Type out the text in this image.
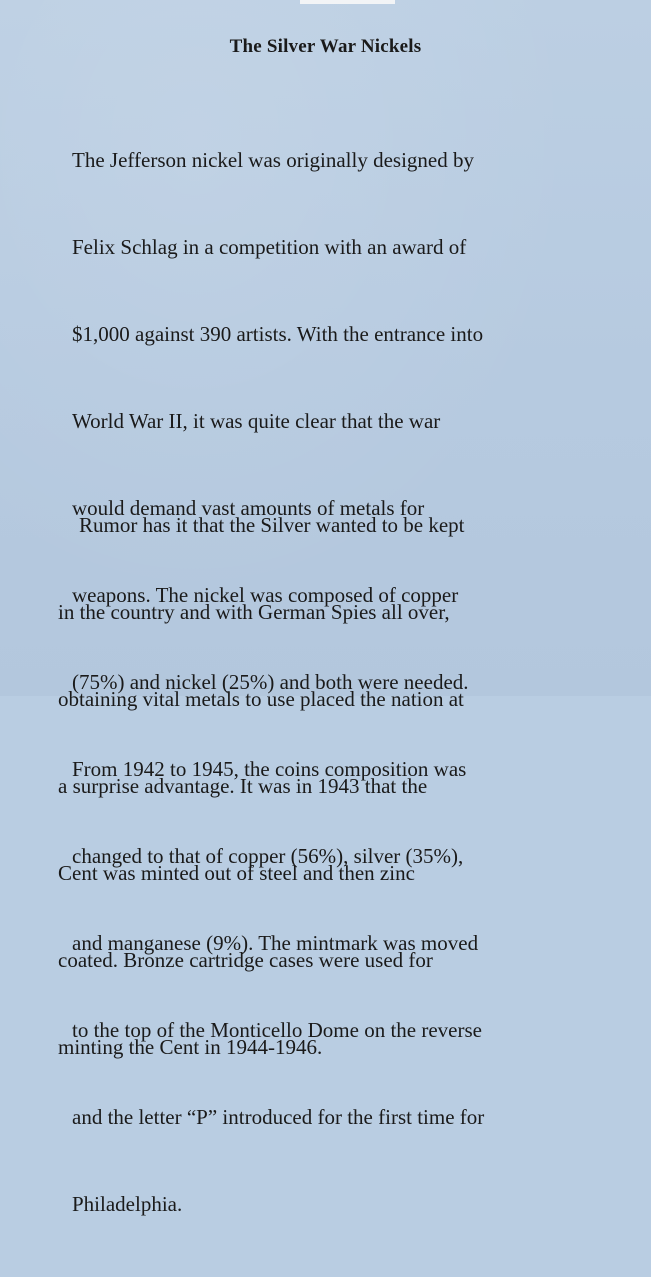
The Silver War Nickels

The Jefferson nickel was originally designed by

Felix Schlag in a competition with an award of

$1,000 against 390 artists. With the entrance into

World War II, it was quite clear that the war

would demand vast amounts of metals for

weapons. The nickel was composed of copper

(75%) and nickel (25%) and both were needed.

From 1942 to 1945, the coins composition was

changed to that of copper (56%), silver (35%),

and manganese (9%). The mintmark was moved

to the top of the Monticello Dome on the reverse

and the letter “P” introduced for the first time for

Philadelphia.

Rumor has it that the Silver wanted to be kept

in the country and with German Spies all over,

obtaining vital metals to use placed the nation at

a surprise advantage. It was in 1943 that the

Cent was minted out of steel and then zinc

coated. Bronze cartridge cases were used for

minting the Cent in 1944-1946.
